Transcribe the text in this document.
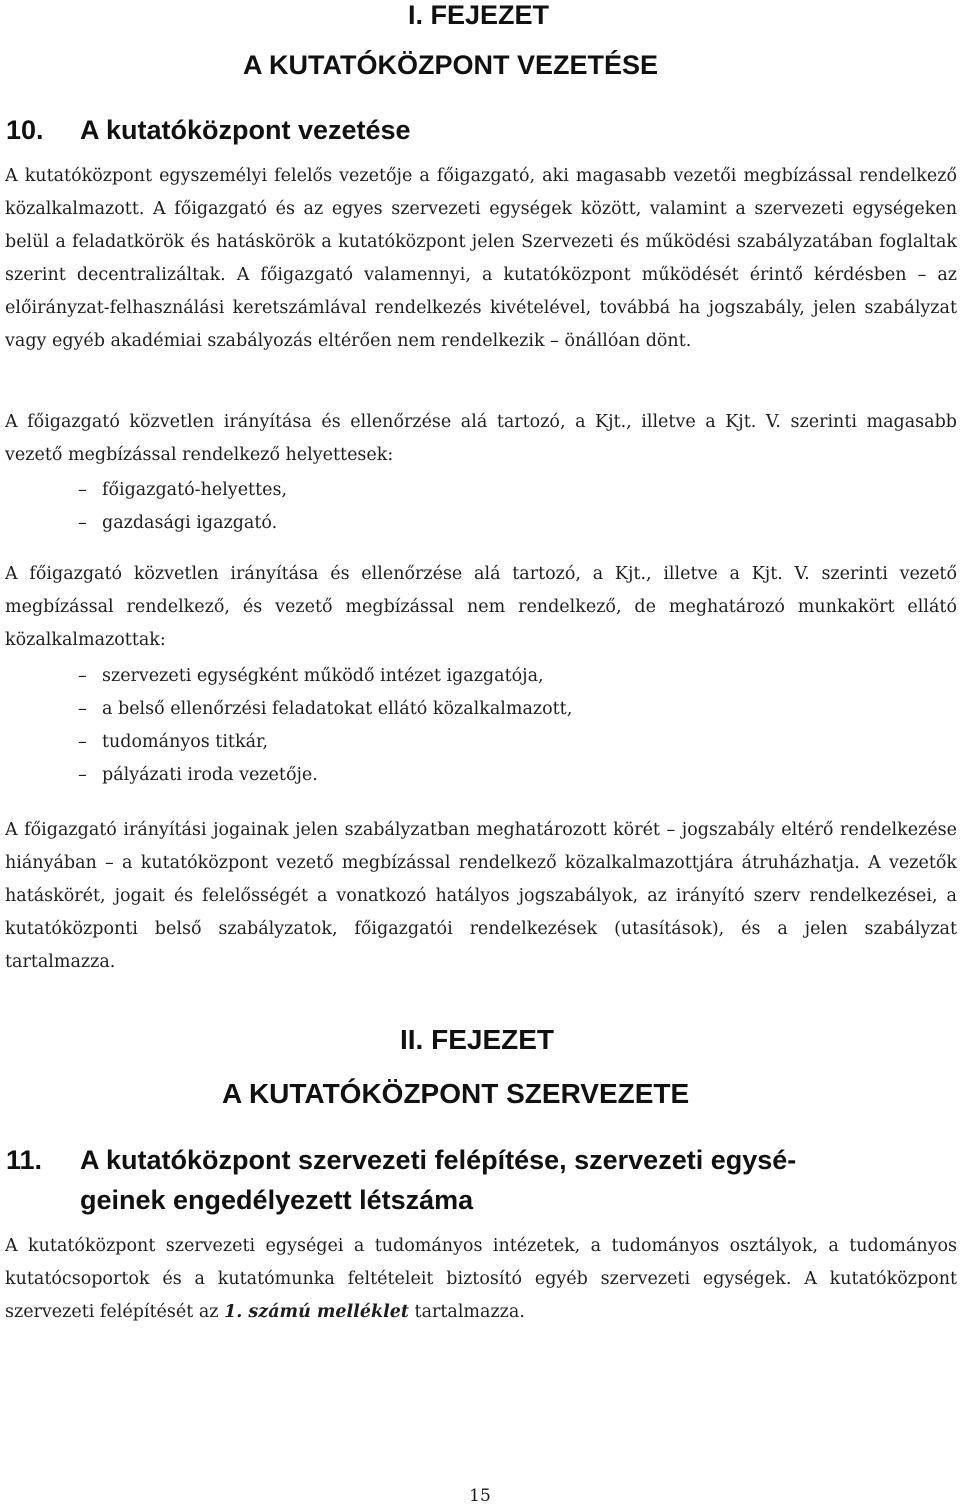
I. FEJEZET
A KUTATÓKÖZPONT VEZETÉSE
10. A kutatóközpont vezetése

A kutatóközpont egyszemélyi felelős vezetője a főigazgató, aki magasabb vezetői megbízással rendelkező közalkalmazott. A főigazgató és az egyes szervezeti egységek között, valamint a szervezeti egységeken belül a feladatkörök és hatáskörök a kutatóközpont jelen Szervezeti és működési szabályzatában foglaltak szerint decentralizáltak. A főigazgató valamennyi, a kutatóközpont működését érintő kérdésben – az előirányzat-felhasználási keretszámlával rendelkezés kivételével, továbbá ha jogszabály, jelen szabályzat vagy egyéb akadémiai szabályozás eltérően nem rendelkezik – önállóan dönt.

A főigazgató közvetlen irányítása és ellenőrzése alá tartozó, a Kjt., illetve a Kjt. V. szerinti magasabb vezető megbízással rendelkező helyettesek:

– főigazgató-helyettes,
– gazdasági igazgató.

A főigazgató közvetlen irányítása és ellenőrzése alá tartozó, a Kjt., illetve a Kjt. V. szerinti vezető megbízással rendelkező, és vezető megbízással nem rendelkező, de meghatározó munkakört ellátó közalkalmazottak:

– szervezeti egységként működő intézet igazgatója,
– a belső ellenőrzési feladatokat ellátó közalkalmazott,
– tudományos titkár,
– pályázati iroda vezetője.

A főigazgató irányítási jogainak jelen szabályzatban meghatározott körét – jogszabály eltérő rendelkezése hiányában – a kutatóközpont vezető megbízással rendelkező közalkalmazottjára átruházhatja. A vezetők hatáskörét, jogait és felelősségét a vonatkozó hatályos jogszabályok, az irányító szerv rendelkezései, a kutatóközponti belső szabályzatok, főigazgatói rendelkezések (utasítások), és a jelen szabályzat tartalmazza.

II. FEJEZET
A KUTATÓKÖZPONT SZERVEZETE
11. A kutatóközpont szervezeti felépítése, szervezeti egysé-
geinek engedélyezett létszáma

A kutatóközpont szervezeti egységei a tudományos intézetek, a tudományos osztályok, a tudományos kutatócsoportok és a kutatómunka feltételeit biztosító egyéb szervezeti egységek. A kutatóközpont szervezeti felépítését az 1. számú melléklet tartalmazza.

15
